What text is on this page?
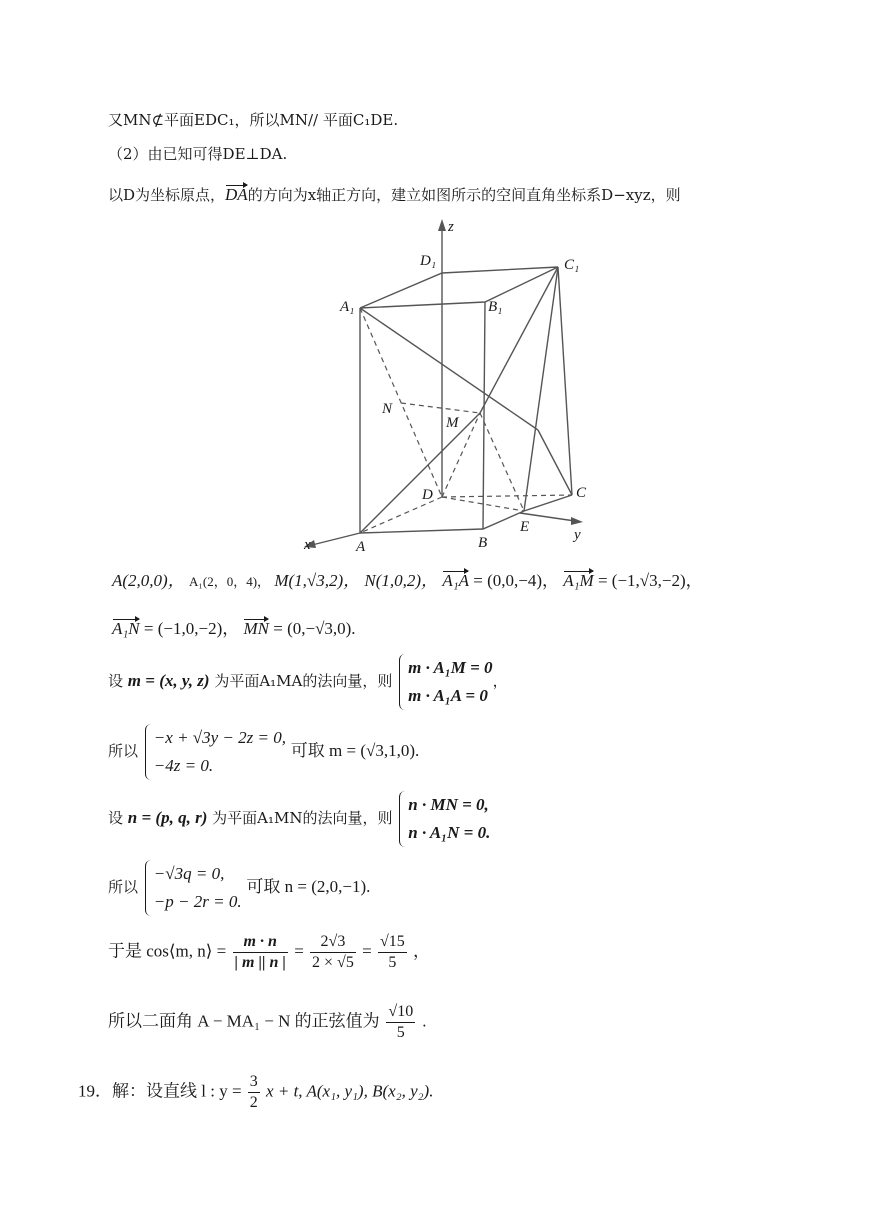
又MN⊄平面EDC₁，所以MN// 平面C₁DE.
（2）由已知可得DE⊥DA.
以D为坐标原点，DA的方向为x轴正方向，建立如图所示的空间直角坐标系D−xyz，则
z
D₁	C₁
A₁	B₁
N
M
D	C
E
x	A	B	y
A(2,0,0)， A₁(2，0，4)， M(1,√3,2)， N(1,0,2)， A₁A = (0,0,−4)， A₁M = (−1,√3,−2)，
A₁N = (−1,0,−2)， MN = (0,−√3,0).
设 m = (x, y, z) 为平面A₁MA的法向量，则
m · A₁M = 0
m · A₁A = 0
，
所以
−x + √3y − 2z = 0,
−4z = 0.
可取 m = (√3,1,0).
设 n = (p, q, r) 为平面A₁MN的法向量，则
n · MN = 0,
n · A₁N = 0.
所以
−√3q = 0,
−p − 2r = 0.
可取 n = (2,0,−1).
于是 cos⟨m, n⟩ = $\frac{m \cdot n}{| m || n |} = \frac{2√3}{2 \times √5} = \frac{√15}{5}$ ，
所以二面角 A − MA₁ − N 的正弦值为 $\frac{√10}{5}$ .
19．解：设直线 l : $y = \frac{3}{2}$ x + t, A(x₁, y₁), B(x₂, y₂).
